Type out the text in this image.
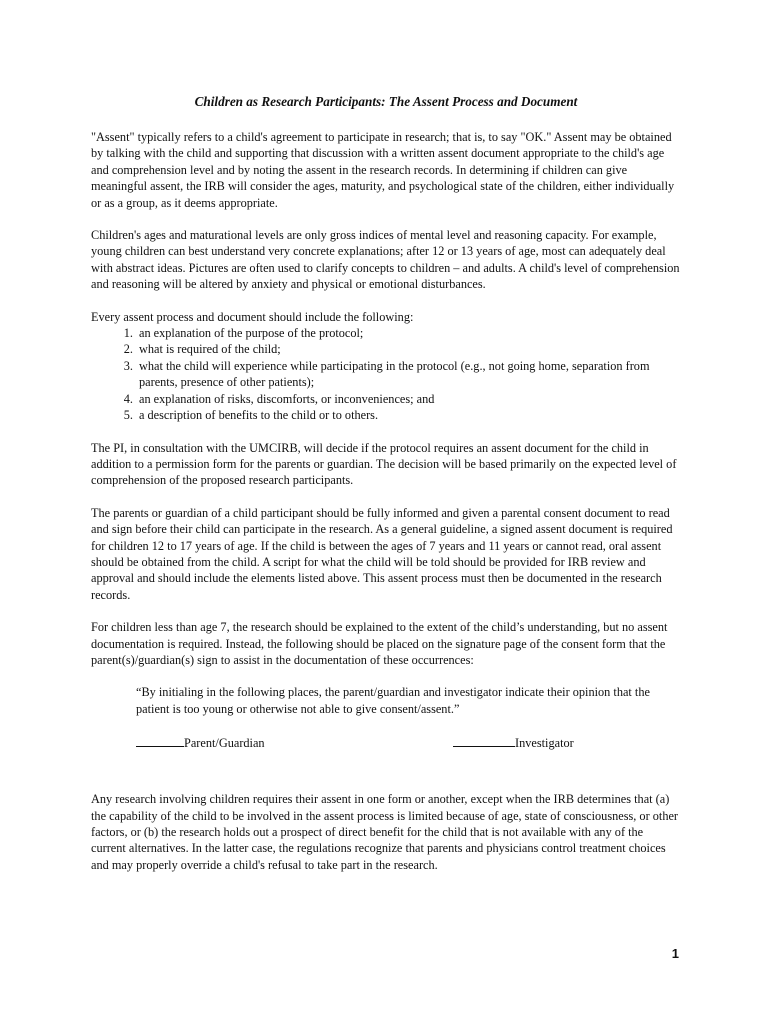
Children as Research Participants: The Assent Process and Document

"Assent" typically refers to a child's agreement to participate in research; that is, to say "OK." Assent may be obtained by talking with the child and supporting that discussion with a written assent document appropriate to the child's age and comprehension level and by noting the assent in the research records. In determining if children can give meaningful assent, the IRB will consider the ages, maturity, and psychological state of the children, either individually or as a group, as it deems appropriate.

Children's ages and maturational levels are only gross indices of mental level and reasoning capacity. For example, young children can best understand very concrete explanations; after 12 or 13 years of age, most can adequately deal with abstract ideas. Pictures are often used to clarify concepts to children – and adults. A child's level of comprehension and reasoning will be altered by anxiety and physical or emotional disturbances.

Every assent process and document should include the following:
1. an explanation of the purpose of the protocol;
2. what is required of the child;
3. what the child will experience while participating in the protocol (e.g., not going home, separation from parents, presence of other patients);
4. an explanation of risks, discomforts, or inconveniences; and
5. a description of benefits to the child or to others.

The PI, in consultation with the UMCIRB, will decide if the protocol requires an assent document for the child in addition to a permission form for the parents or guardian. The decision will be based primarily on the expected level of comprehension of the proposed research participants.

The parents or guardian of a child participant should be fully informed and given a parental consent document to read and sign before their child can participate in the research. As a general guideline, a signed assent document is required for children 12 to 17 years of age. If the child is between the ages of 7 years and 11 years or cannot read, oral assent should be obtained from the child. A script for what the child will be told should be provided for IRB review and approval and should include the elements listed above. This assent process must then be documented in the research records.

For children less than age 7, the research should be explained to the extent of the child’s understanding, but no assent documentation is required. Instead, the following should be placed on the signature page of the consent form that the parent(s)/guardian(s) sign to assist in the documentation of these occurrences:

“By initialing in the following places, the parent/guardian and investigator indicate their opinion that the patient is too young or otherwise not able to give consent/assent.”
Parent/Guardian	Investigator

Any research involving children requires their assent in one form or another, except when the IRB determines that (a) the capability of the child to be involved in the assent process is limited because of age, state of consciousness, or other factors, or (b) the research holds out a prospect of direct benefit for the child that is not available with any of the current alternatives. In the latter case, the regulations recognize that parents and physicians control treatment choices and may properly override a child's refusal to take part in the research.

1
